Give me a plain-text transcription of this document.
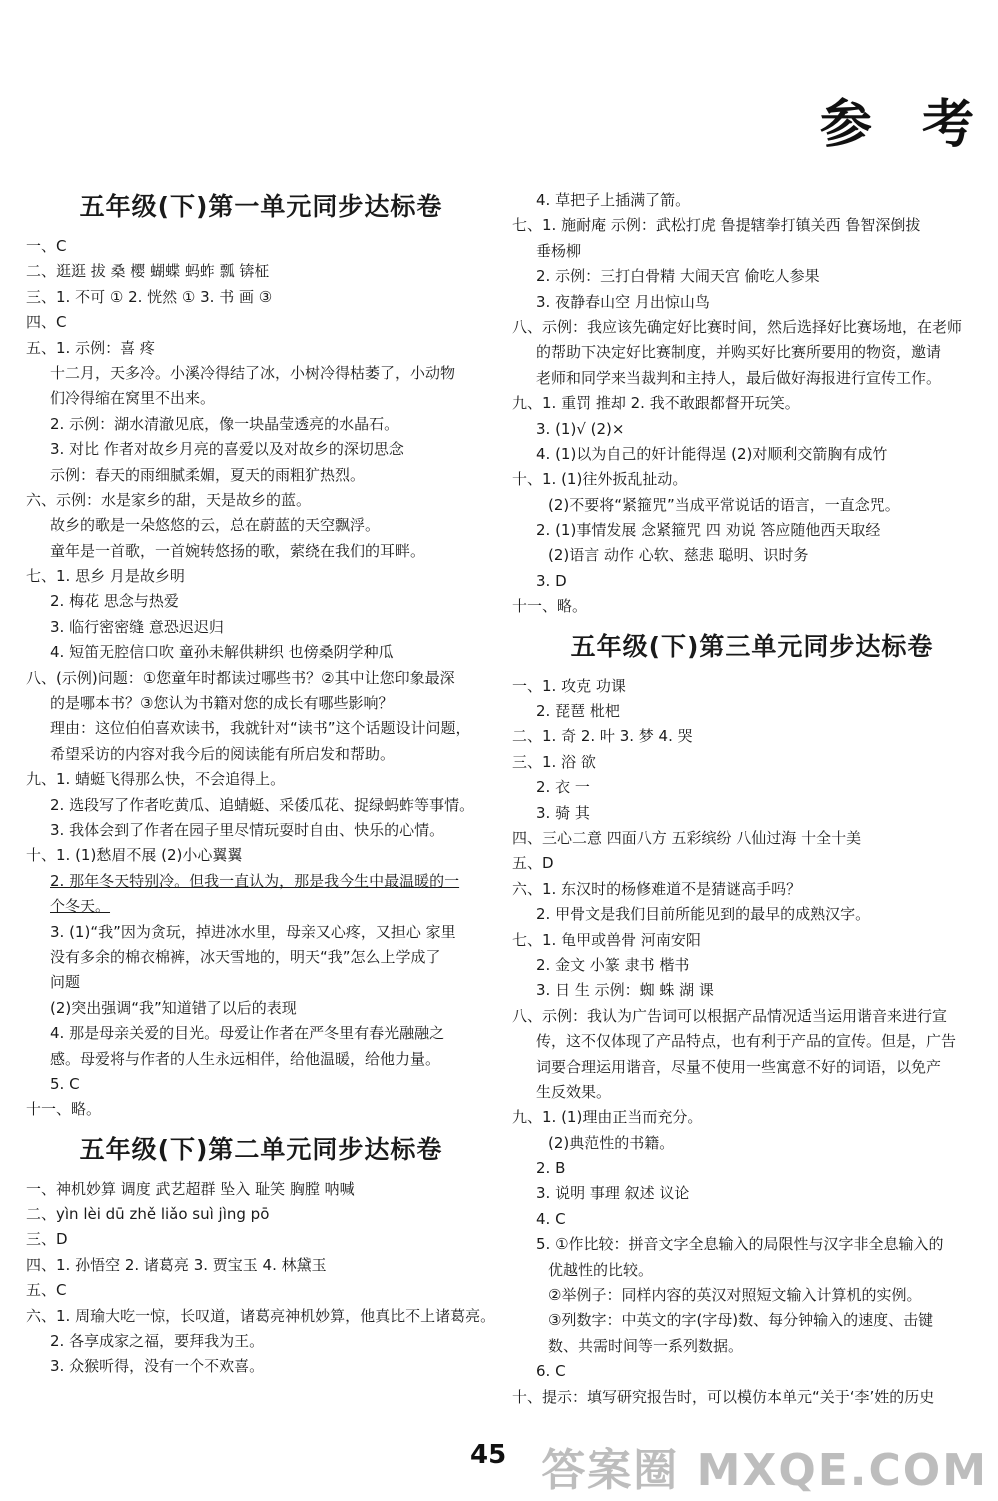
参 考
五年级(下)第一单元同步达标卷
一、C
二、逛逛 拔 桑 樱 蝴蝶 蚂蚱 瓢 锛柾
三、1. 不可 ① 2. 恍然 ① 3. 书 画 ③
四、C
五、1. 示例：喜 疼
十二月，天多冷。小溪冷得结了冰，小树冷得枯萎了，小动物
们冷得缩在窝里不出来。
2. 示例：湖水清澈见底，像一块晶莹透亮的水晶石。
3. 对比 作者对故乡月亮的喜爱以及对故乡的深切思念
示例：春天的雨细腻柔媚，夏天的雨粗犷热烈。
六、示例：水是家乡的甜，天是故乡的蓝。
故乡的歌是一朵悠悠的云，总在蔚蓝的天空飘浮。
童年是一首歌，一首婉转悠扬的歌，萦绕在我们的耳畔。
七、1. 思乡 月是故乡明
2. 梅花 思念与热爱
3. 临行密密缝 意恐迟迟归
4. 短笛无腔信口吹 童孙未解供耕织 也傍桑阴学种瓜
八、(示例)问题：①您童年时都读过哪些书？②其中让您印象最深
的是哪本书？③您认为书籍对您的成长有哪些影响？
理由：这位伯伯喜欢读书，我就针对“读书”这个话题设计问题，
希望采访的内容对我今后的阅读能有所启发和帮助。
九、1. 蜻蜓飞得那么快，不会追得上。
2. 选段写了作者吃黄瓜、追蜻蜓、采倭瓜花、捉绿蚂蚱等事情。
3. 我体会到了作者在园子里尽情玩耍时自由、快乐的心情。
十、1. (1)愁眉不展 (2)小心翼翼
2. 那年冬天特别冷。但我一直认为，那是我今生中最温暖的一
个冬天。
3. (1)“我”因为贪玩，掉进冰水里，母亲又心疼，又担心 家里
没有多余的棉衣棉裤，冰天雪地的，明天“我”怎么上学成了
问题
(2)突出强调“我”知道错了以后的表现
4. 那是母亲关爱的目光。母爱让作者在严冬里有春光融融之
感。母爱将与作者的人生永远相伴，给他温暖，给他力量。
5. C
十一、略。
五年级(下)第二单元同步达标卷
一、神机妙算 调度 武艺超群 坠入 耻笑 胸膛 呐喊
二、yìn lèi dū zhě liǎo suì jìng pō
三、D
四、1. 孙悟空 2. 诸葛亮 3. 贾宝玉 4. 林黛玉
五、C
六、1. 周瑜大吃一惊，长叹道，诸葛亮神机妙算，他真比不上诸葛亮。
2. 各享成家之福，要拜我为王。
3. 众猴听得，没有一个不欢喜。
4. 草把子上插满了箭。
七、1. 施耐庵 示例：武松打虎 鲁提辖拳打镇关西 鲁智深倒拔
垂杨柳
2. 示例：三打白骨精 大闹天宫 偷吃人参果
3. 夜静春山空 月出惊山鸟
八、示例：我应该先确定好比赛时间，然后选择好比赛场地，在老师
的帮助下决定好比赛制度，并购买好比赛所要用的物资，邀请
老师和同学来当裁判和主持人，最后做好海报进行宣传工作。
九、1. 重罚 推却 2. 我不敢跟都督开玩笑。
3. (1)√ (2)×
4. (1)以为自己的奸计能得逞 (2)对顺利交箭胸有成竹
十、1. (1)往外扳乱扯动。
(2)不要将“紧箍咒”当成平常说话的语言，一直念咒。
2. (1)事情发展 念紧箍咒 四 劝说 答应随他西天取经
(2)语言 动作 心软、慈悲 聪明、识时务
3. D
十一、略。
五年级(下)第三单元同步达标卷
一、1. 攻克 功课
2. 琵琶 枇杷
二、1. 奇 2. 叶 3. 梦 4. 哭
三、1. 浴 欲
2. 衣 一
3. 骑 其
四、三心二意 四面八方 五彩缤纷 八仙过海 十全十美
五、D
六、1. 东汉时的杨修难道不是猜谜高手吗？
2. 甲骨文是我们目前所能见到的最早的成熟汉字。
七、1. 龟甲或兽骨 河南安阳
2. 金文 小篆 隶书 楷书
3. 日 生 示例：蜘 蛛 湖 课
八、示例：我认为广告词可以根据产品情况适当运用谐音来进行宣
传，这不仅体现了产品特点，也有利于产品的宣传。但是，广告
词要合理运用谐音，尽量不使用一些寓意不好的词语，以免产
生反效果。
九、1. (1)理由正当而充分。
(2)典范性的书籍。
2. B
3. 说明 事理 叙述 议论
4. C
5. ①作比较：拼音文字全息输入的局限性与汉字非全息输入的
优越性的比较。
②举例子：同样内容的英汉对照短文输入计算机的实例。
③列数字：中英文的字(字母)数、每分钟输入的速度、击键
数、共需时间等一系列数据。
6. C
十、提示：填写研究报告时，可以模仿本单元“关于‘李’姓的历史
45 答案圈 MXQE.COM
